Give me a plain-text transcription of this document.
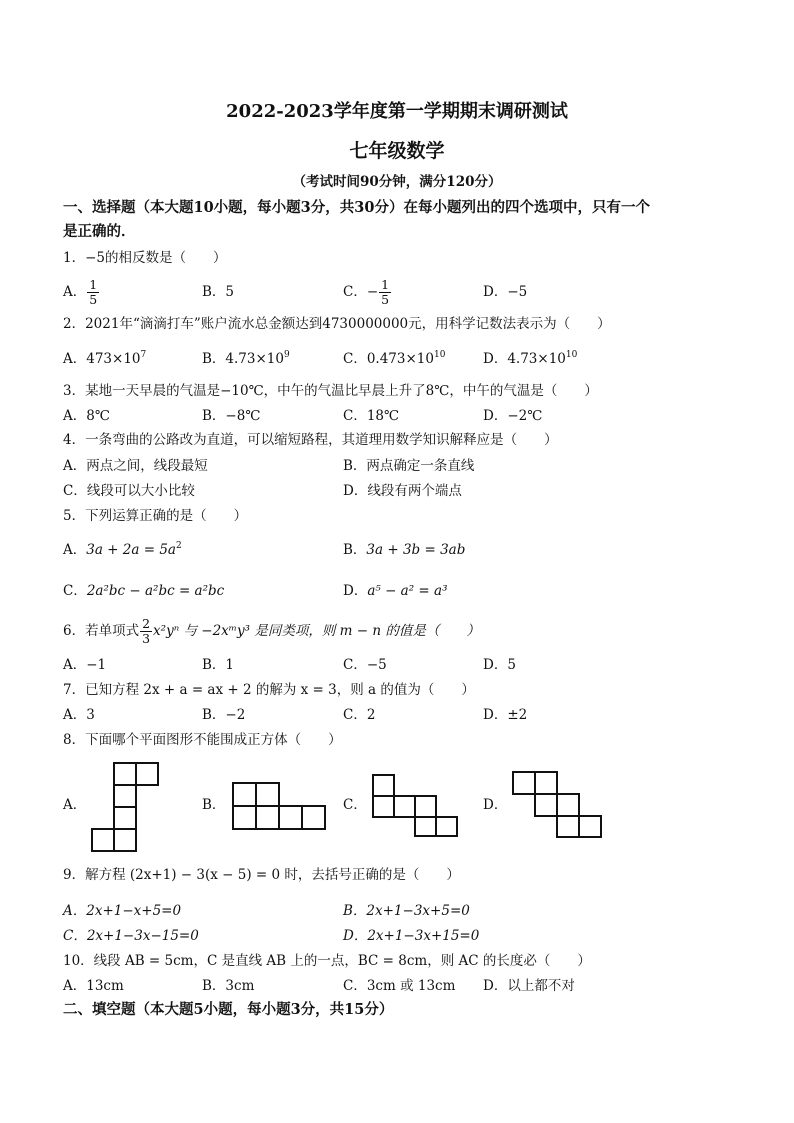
2022-2023学年度第一学期期末调研测试
七年级数学
（考试时间90分钟，满分120分）
一、选择题（本大题10小题，每小题3分，共30分）在每小题列出的四个选项中，只有一个
是正确的．
1．−5的相反数是（　　）
A． $\frac{1}{5}$	B．5	C．− $\frac{1}{5}$	D．−5
2．2021年“滴滴打车”账户流水总金额达到4730000000元，用科学记数法表示为（　　）
A．$473\times 10^7$	B．$4.73\times 10^9$	C．$0.473\times 10^{10}$	D．$4.73\times 10^{10}$
3．某地一天早晨的气温是−10℃，中午的气温比早晨上升了8℃，中午的气温是（　　）
A．8℃	B．−8℃	C．18℃	D．−2℃
4．一条弯曲的公路改为直道，可以缩短路程，其道理用数学知识解释应是（　　）
A．两点之间，线段最短	B．两点确定一条直线
C．线段可以大小比较	D．线段有两个端点
5．下列运算正确的是（　　）
A．$3a + 2a = 5a^2$	B．3a + 3b = 3ab
C．2a²bc − a²bc = a²bc	D．a⁵ − a² = a³
6．若单项式 $\frac{2}{3} x^2y^n$ 与 −2xᵐy³ 是同类项，则 m − n 的值是（　　）
A．−1	B．1	C．−5	D．5
7．已知方程 2x + a = ax + 2 的解为 x = 3，则 a 的值为（　　）
A．3	B．−2	C．2	D．±2
8．下面哪个平面图形不能围成正方体（　　）
A．	B．	C．	D．
9．解方程 (2x+1) − 3(x − 5) = 0 时，去括号正确的是（　　）
A．2x+1−x+5=0	B．2x+1−3x+5=0
C．2x+1−3x−15=0	D．2x+1−3x+15=0
10．线段 AB = 5cm，C 是直线 AB 上的一点，BC = 8cm，则 AC 的长度必（　　）
A．13cm	B．3cm	C．3cm 或 13cm D．以上都不对
二、填空题（本大题5小题，每小题3分，共15分）
